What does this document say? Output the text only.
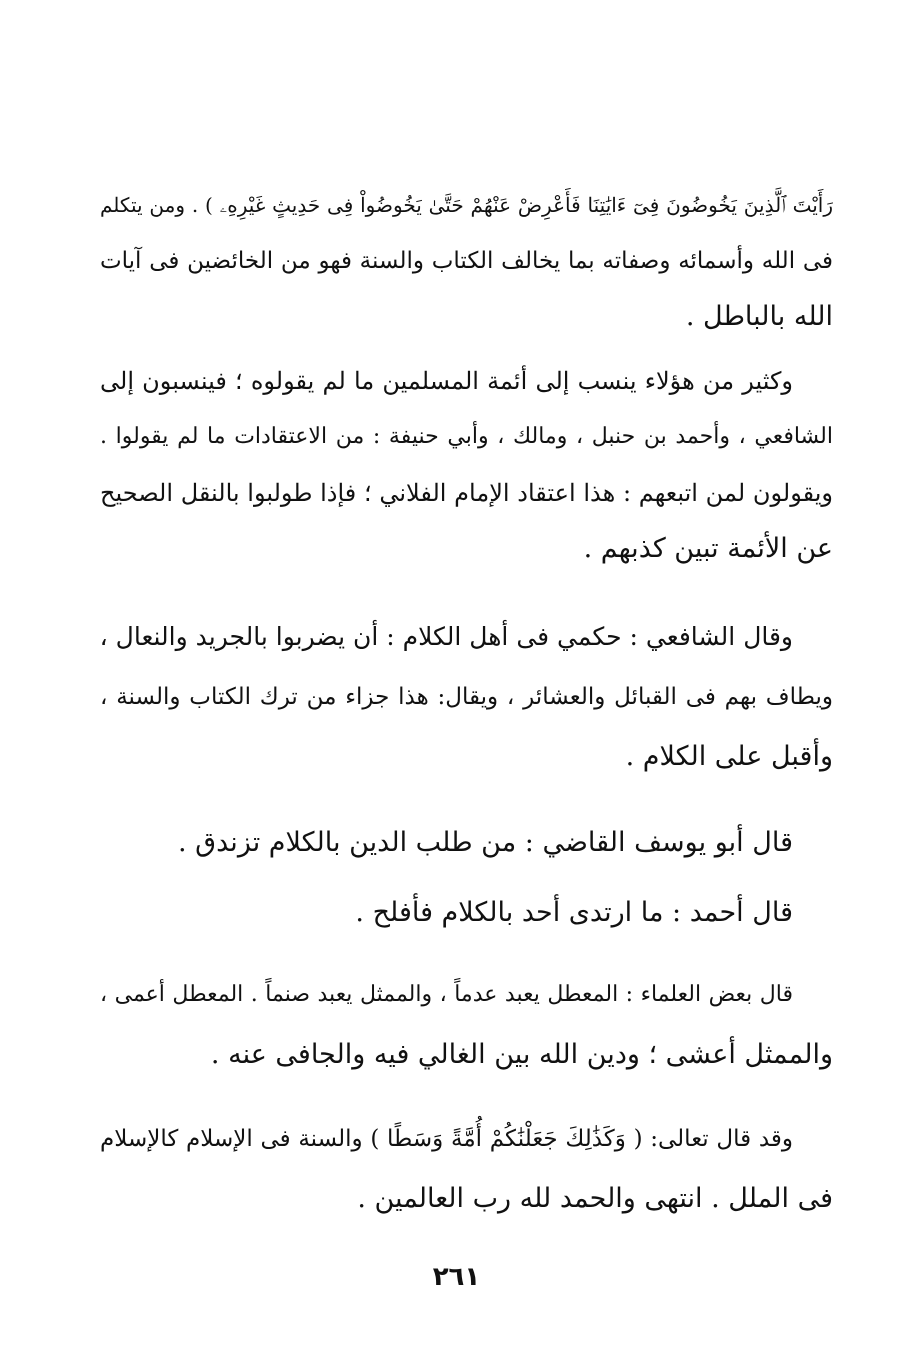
رَأَيْتَ ٱلَّذِينَ يَخُوضُونَ فِىٓ ءَايَٰتِنَا فَأَعْرِضْ عَنْهُمْ حَتَّىٰ يَخُوضُواْ فِى حَدِيثٍ غَيْرِهِۦ ) . ومن يتكلم
فى الله وأسمائه وصفاته بما يخالف الكتاب والسنة فهو من الخائضين فى آيات
الله بالباطل .
وكثير من هؤلاء ينسب إلى أئمة المسلمين ما لم يقولوه ؛ فينسبون إلى
الشافعي ، وأحمد بن حنبل ، ومالك ، وأبي حنيفة : من الاعتقادات ما لم يقولوا .
ويقولون لمن اتبعهم : هذا اعتقاد الإمام الفلاني ؛ فإذا طولبوا بالنقل الصحيح
عن الأئمة تبين كذبهم .
وقال الشافعي : حكمي فى أهل الكلام : أن يضربوا بالجريد والنعال ،
ويطاف بهم فى القبائل والعشائر ، ويقال: هذا جزاء من ترك الكتاب والسنة ،
وأقبل على الكلام .
قال أبو يوسف القاضي : من طلب الدين بالكلام تزندق .
قال أحمد : ما ارتدى أحد بالكلام فأفلح .
قال بعض العلماء : المعطل يعبد عدماً ، والممثل يعبد صنماً . المعطل أعمى ،
والممثل أعشى ؛ ودين الله بين الغالي فيه والجافى عنه .
وقد قال تعالى: ( وَكَذَٰلِكَ جَعَلْنَٰكُمْ أُمَّةً وَسَطًا ) والسنة فى الإسلام كالإسلام
فى الملل . انتهى والحمد لله رب العالمين .
٢٦١
